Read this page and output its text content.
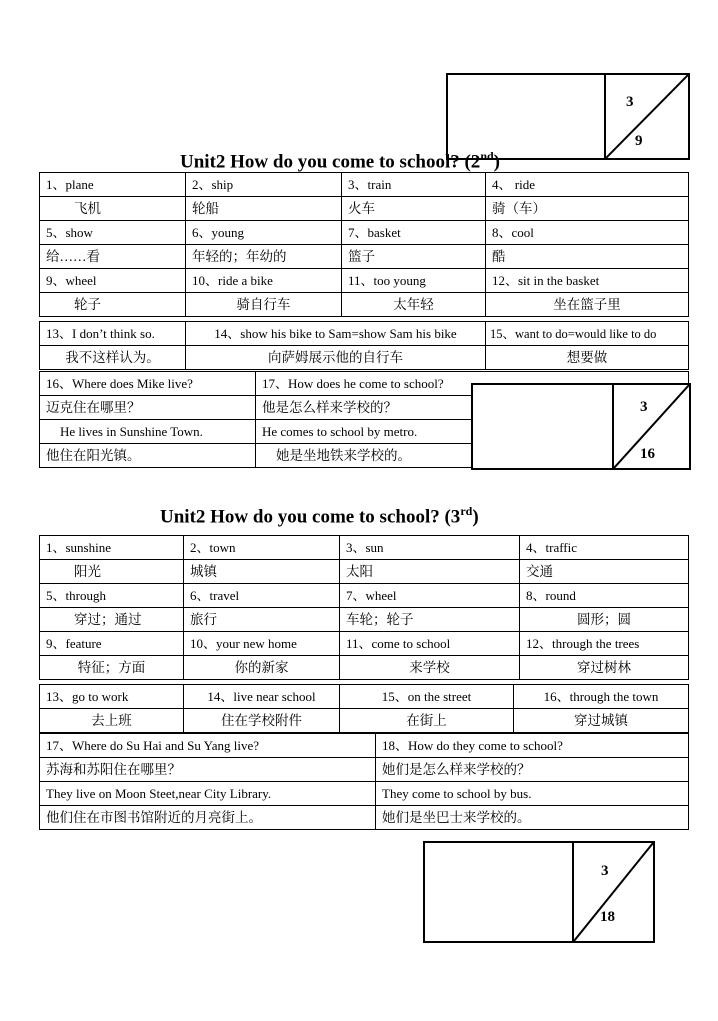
3
9
Unit2 How do you come to school? (2nd)
1、plane	2、ship	3、train	4、 ride
飞机	轮船	火车	骑（车）
5、show	6、young	7、basket	8、cool
给……看	年轻的；年幼的	篮子	酷
9、wheel	10、ride a bike	11、too young	12、sit in the basket
轮子	骑自行车	太年轻	坐在篮子里
13、I don’t think so.	14、show his bike to Sam=show Sam his bike	15、want to do=would like to do
我不这样认为。	向萨姆展示他的自行车	想要做
16、Where does Mike live?	17、How does he come to school?
迈克住在哪里？	他是怎么样来学校的？
He lives in Sunshine Town.	He comes to school by metro.
他住在阳光镇。	她是坐地铁来学校的。
3
16
Unit2 How do you come to school? (3rd)
1、sunshine	2、town	3、sun	4、traffic
阳光	城镇	太阳	交通
5、through	6、travel	7、wheel	8、round
穿过；通过	旅行	车轮；轮子	圆形；圆
9、feature	10、your new home	11、come to school	12、through the trees
特征；方面	你的新家	来学校	穿过树林
13、go to work	14、live near school	15、on the street	16、through the town
去上班	住在学校附件	在街上	穿过城镇
17、Where do Su Hai and Su Yang live?	18、How do they come to school?
苏海和苏阳住在哪里？	她们是怎么样来学校的？
They live on Moon Steet,near City Library.	They come to school by bus.
他们住在市图书馆附近的月亮街上。	她们是坐巴士来学校的。
3
18
